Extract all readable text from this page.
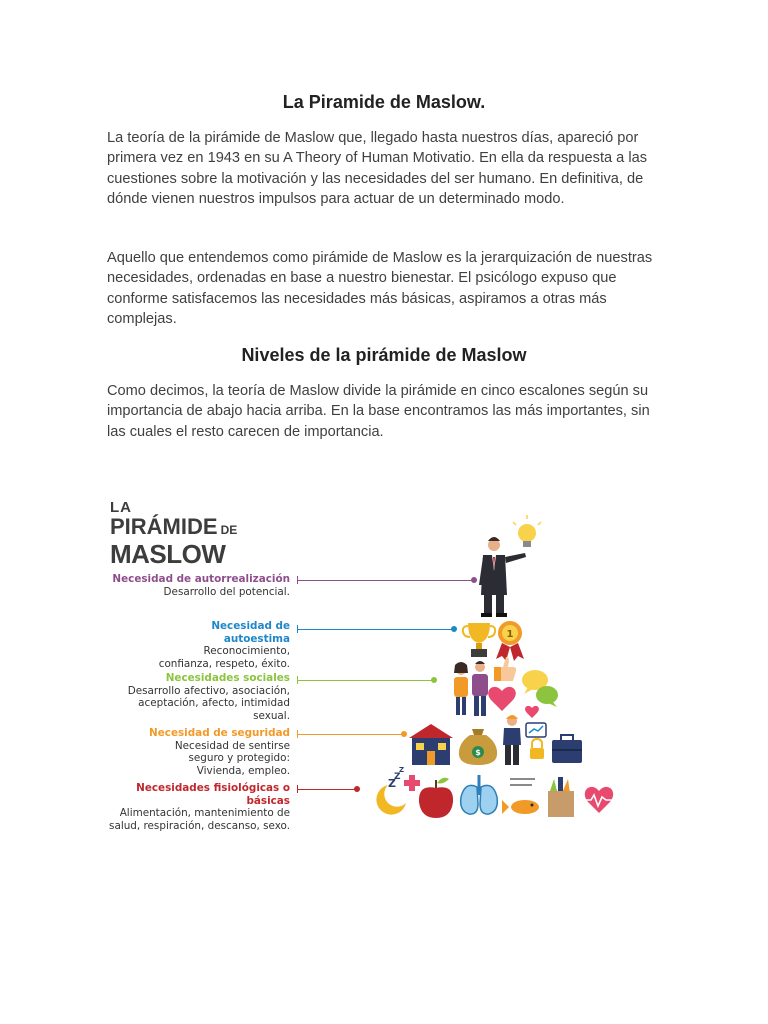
La Piramide de Maslow.

La teoría de la pirámide de Maslow que, llegado hasta nuestros días, apareció por primera vez en 1943 en su A Theory of Human Motivatio. En ella da respuesta a las cuestiones sobre la motivación y las necesidades del ser humano. En definitiva, de dónde vienen nuestros impulsos para actuar de un determinado modo.

Aquello que entendemos como pirámide de Maslow es la jerarquización de nuestras necesidades, ordenadas en base a nuestro bienestar. El psicólogo expuso que conforme satisfacemos las necesidades más básicas, aspiramos a otras más complejas.

Niveles de la pirámide de Maslow

Como decimos, la teoría de Maslow divide la pirámide en cinco escalones según su importancia de abajo hacia arriba. En la base encontramos las más importantes, sin las cuales el resto carecen de importancia.

LA
PIRÁMIDE DE
MASLOW
Necesidad de autorrealización
Desarrollo del potencial.
Necesidad de autoestima
Reconocimiento, confianza, respeto, éxito.
Necesidades sociales
Desarrollo afectivo, asociación, aceptación, afecto, intimidad sexual.
Necesidad de seguridad
Necesidad de sentirse seguro y protegido: Vivienda, empleo.
Necesidades fisiológicas o básicas
Alimentación, mantenimiento de salud, respiración, descanso, sexo.
1
$
Z
Z
Z
